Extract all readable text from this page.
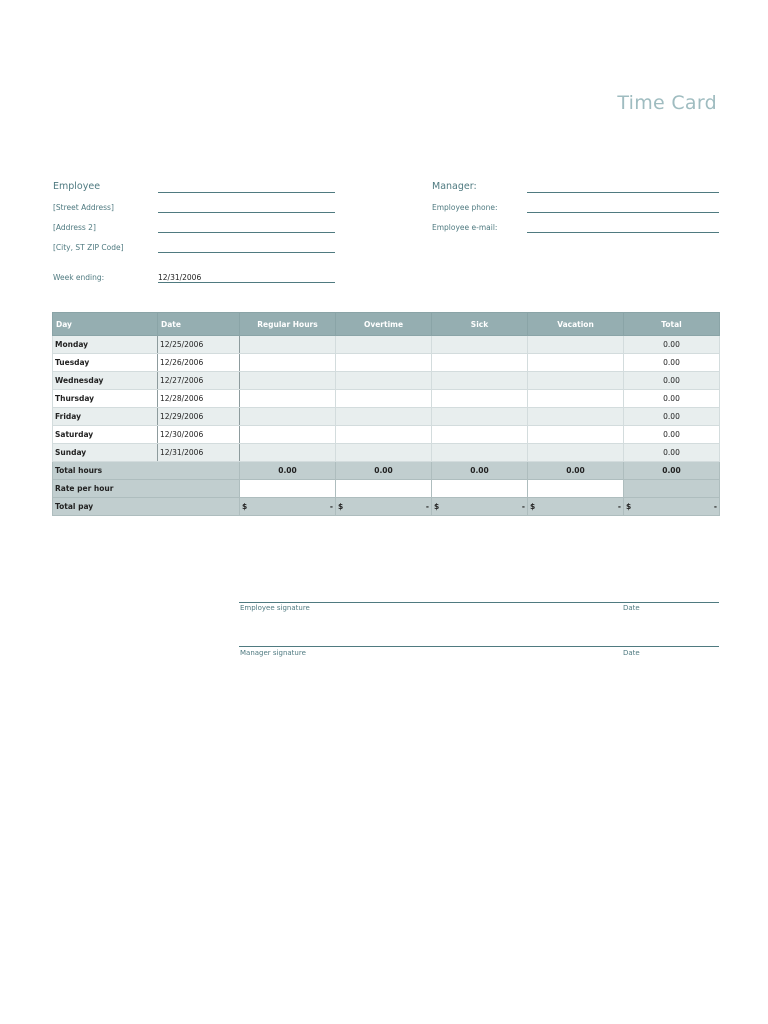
Time Card
Employee
[Street Address]
[Address 2]
[City, ST ZIP Code]
Week ending:	12/31/2006
Manager:
Employee phone:
Employee e-mail:
Day	Date	Regular Hours	Overtime	Sick	Vacation	Total
Monday	12/25/2006					0.00
Tuesday	12/26/2006					0.00
Wednesday	12/27/2006					0.00
Thursday	12/28/2006					0.00
Friday	12/29/2006					0.00
Saturday	12/30/2006					0.00
Sunday	12/31/2006					0.00
Total hours		0.00	0.00	0.00	0.00	0.00
Rate per hour						
Total pay		$ -	$ -	$ -	$ -	$ -
Employee signature	Date
Manager signature	Date
